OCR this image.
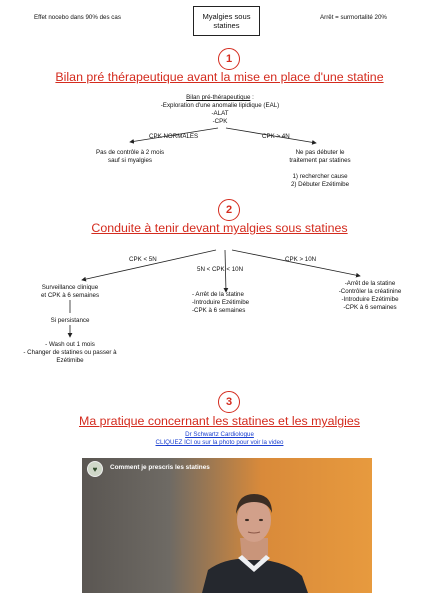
Effet nocebo dans 90% des cas	Myalgies sous statines
Arrêt = surmortalité 20%
1
Bilan pré thérapeutique avant la mise en place d'une statine
Bilan pré-thérapeutique :
-Exploration d'une anomalie lipidique (EAL)
-ALAT
-CPK
CPK NORMALES	CPK > 4N
Pas de contrôle à 2 mois
sauf si myalgies
Ne pas débuter le
traitement par statines
1) rechercher cause
2) Débuter Ezétimibe
2
Conduite à tenir devant myalgies sous statines
CPK < 5N
5N < CPK < 10N
CPK > 10N
Surveillance clinique
et CPK à 6 semaines
Si persistance
- Wash out 1 mois
- Changer de statines ou passer à
Ezétimibe
- Arrêt de la statine
-Introduire Ezétimibe
-CPK à 6 semaines
-Arrêt de la statine
-Contrôler la créatinine
-Introduire Ezétimibe
-CPK à 6 semaines
3
Ma pratique concernant les statines et les myalgies
Dr Schwartz Cardiologue
CLIQUEZ ICI ou sur la photo pour voir la video
♥	Comment je prescris les statines
